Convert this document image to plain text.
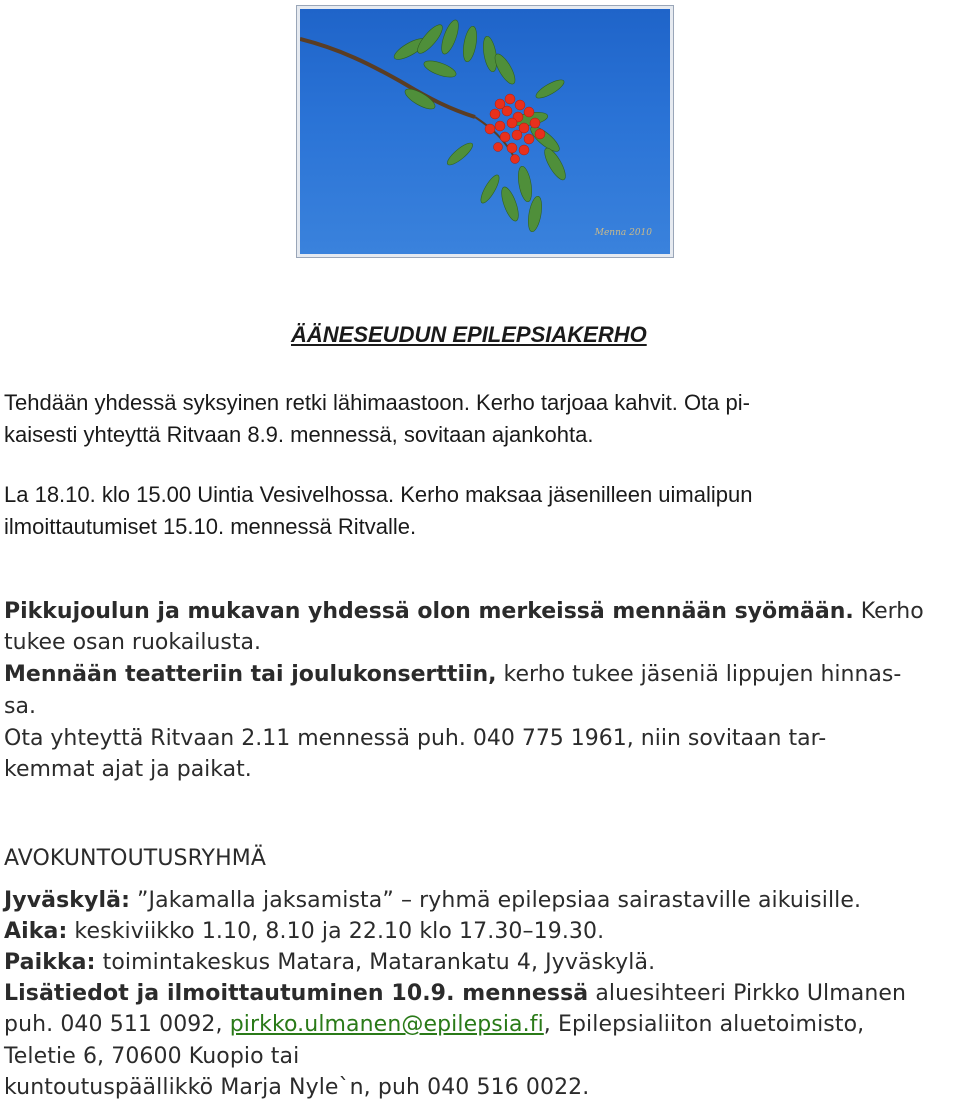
Menna 2010
ÄÄNESEUDUN EPILEPSIAKERHO
Tehdään yhdessä syksyinen retki lähimaastoon. Kerho tarjoaa kahvit. Ota pi-
kaisesti yhteyttä Ritvaan 8.9. mennessä, sovitaan ajankohta.
La 18.10. klo 15.00 Uintia Vesivelhossa. Kerho maksaa jäsenilleen uimalipun
ilmoittautumiset 15.10. mennessä Ritvalle.
Pikkujoulun ja mukavan yhdessä olon merkeissä mennään syömään. Kerho
tukee osan ruokailusta.
Mennään teatteriin tai joulukonserttiin, kerho tukee jäseniä lippujen hinnas-
sa.
Ota yhteyttä Ritvaan 2.11 mennessä puh. 040 775 1961, niin sovitaan tar-
kemmat ajat ja paikat.
AVOKUNTOUTUSRYHMÄ
Jyväskylä: ”Jakamalla jaksamista” – ryhmä epilepsiaa sairastaville aikuisille.
Aika: keskiviikko 1.10, 8.10 ja 22.10 klo 17.30–19.30.
Paikka: toimintakeskus Matara, Matarankatu 4, Jyväskylä.
Lisätiedot ja ilmoittautuminen 10.9. mennessä aluesihteeri Pirkko Ulmanen
puh. 040 511 0092, pirkko.ulmanen@epilepsia.fi, Epilepsialiiton aluetoimisto,
Teletie 6, 70600 Kuopio tai
kuntoutuspäällikkö Marja Nyle`n, puh 040 516 0022.
